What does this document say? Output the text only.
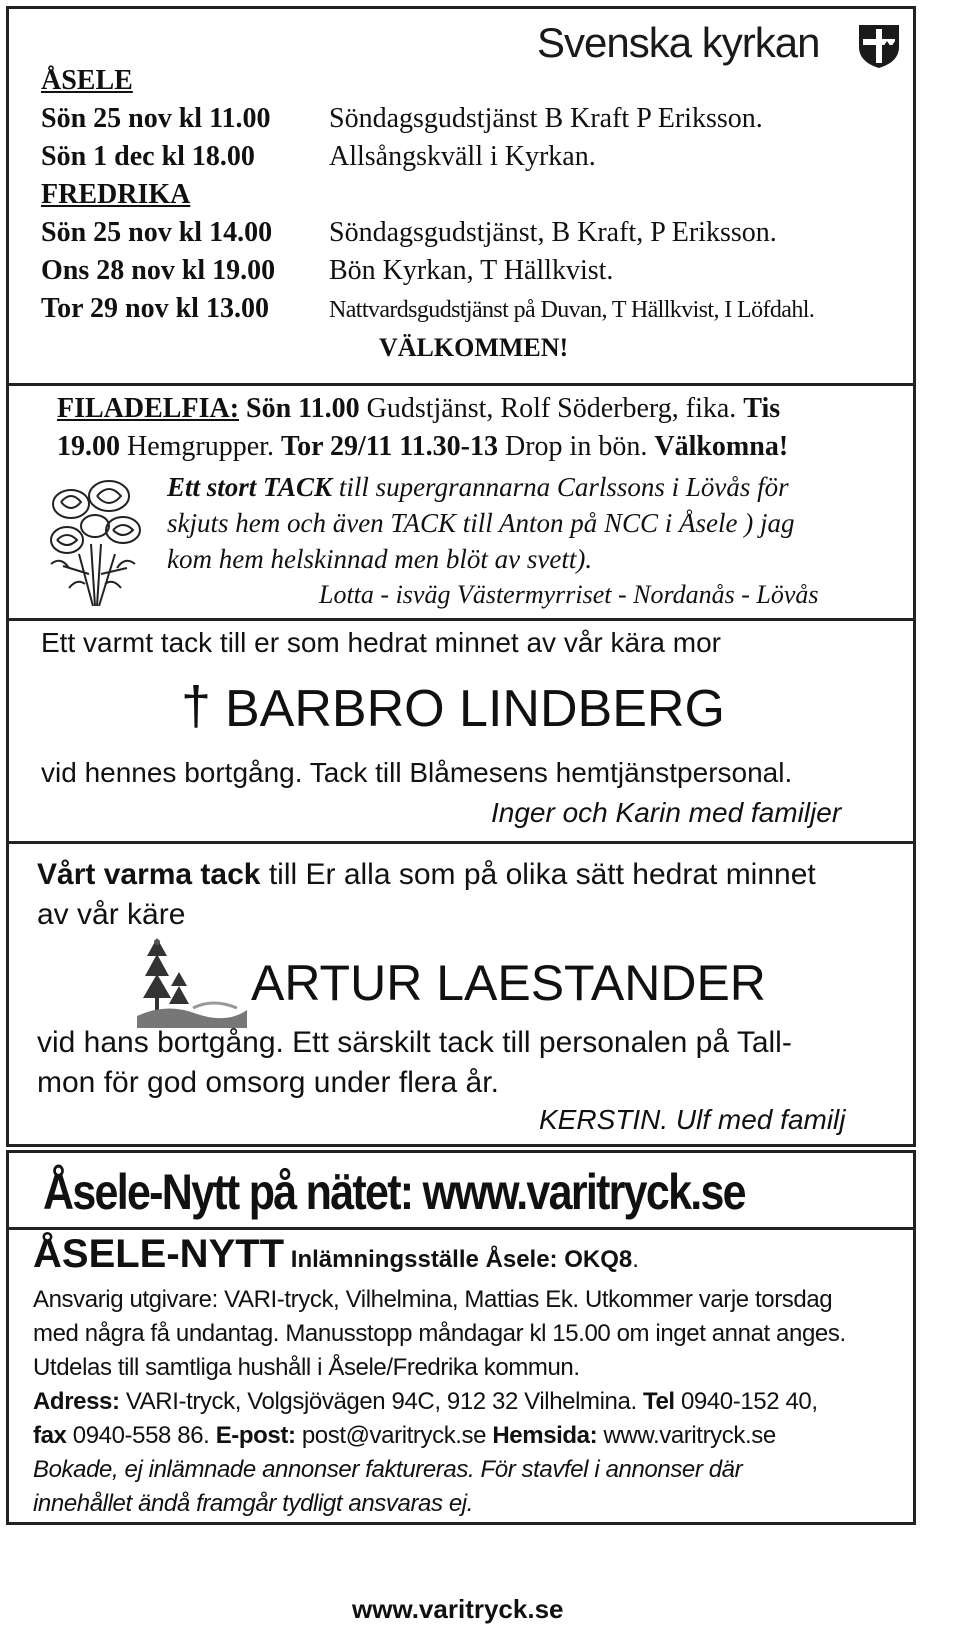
Svenska kyrkan
ÅSELE
Sön 25 nov kl 11.00 Söndagsgudstjänst B Kraft P Eriksson.
Sön 1 dec kl 18.00	Allsångskväll i Kyrkan.
FREDRIKA
Sön 25 nov kl 14.00 Söndagsgudstjänst, B Kraft, P Eriksson.
Ons 28 nov kl 19.00 Bön Kyrkan, T Hällkvist.
Tor 29 nov kl 13.00	Nattvardsgudstjänst på Duvan, T Hällkvist, I Löfdahl.
VÄLKOMMEN!
FILADELFIA: Sön 11.00 Gudstjänst, Rolf Söderberg, fika. Tis
19.00 Hemgrupper. Tor 29/11 11.30-13 Drop in bön. Välkomna!
Ett stort TACK till supergrannarna Carlssons i Lövås för
skjuts hem och även TACK till Anton på NCC i Åsele ) jag
kom hem helskinnad men blöt av svett).
Lotta - isväg Västermyrriset - Nordanås - Lövås
Ett varmt tack till er som hedrat minnet av vår kära mor
† BARBRO LINDBERG
vid hennes bortgång. Tack till Blåmesens hemtjänstpersonal.
Inger och Karin med familjer
Vårt varma tack till Er alla som på olika sätt hedrat minnet
av vår käre
ARTUR LAESTANDER
vid hans bortgång. Ett särskilt tack till personalen på Tall-
mon för god omsorg under flera år.
KERSTIN. Ulf med familj
Åsele-Nytt på nätet: www.varitryck.se
ÅSELE-NYTT Inlämningsställe Åsele: OKQ8.
Ansvarig utgivare: VARI-tryck, Vilhelmina, Mattias Ek. Utkommer varje torsdag
med några få undantag. Manusstopp måndagar kl 15.00 om inget annat anges.
Utdelas till samtliga hushåll i Åsele/Fredrika kommun.
Adress: VARI-tryck, Volgsjövägen 94C, 912 32 Vilhelmina. Tel 0940-152 40,
fax 0940-558 86. E-post: post@varitryck.se Hemsida: www.varitryck.se
Bokade, ej inlämnade annonser faktureras. För stavfel i annonser där
innehållet ändå framgår tydligt ansvaras ej.
www.varitryck.se
